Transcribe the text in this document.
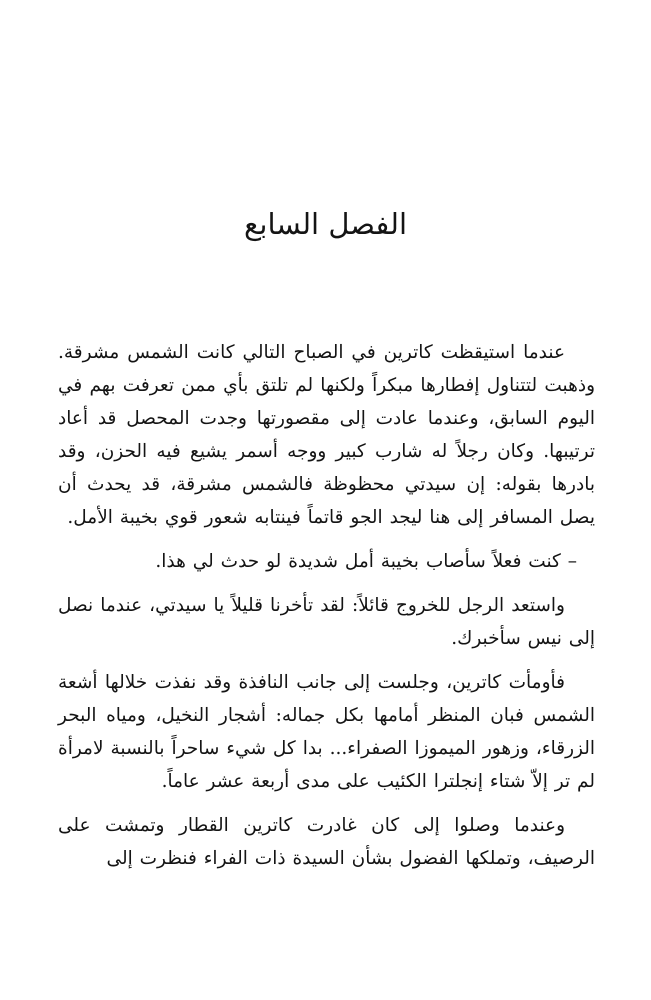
الفصل السابع

عندما استيقظت كاترين في الصباح التالي كانت الشمس مشرقة. وذهبت لتتناول إفطارها مبكراً ولكنها لم تلتق بأي ممن تعرفت بهم في اليوم السابق، وعندما عادت إلى مقصورتها وجدت المحصل قد أعاد ترتيبها. وكان رجلاً له شارب كبير ووجه أسمر يشيع فيه الحزن، وقد بادرها بقوله: إن سيدتي محظوظة فالشمس مشرقة، قد يحدث أن يصل المسافر إلى هنا ليجد الجو قاتماً فينتابه شعور قوي بخيبة الأمل.

– كنت فعلاً سأصاب بخيبة أمل شديدة لو حدث لي هذا.

واستعد الرجل للخروج قائلاً: لقد تأخرنا قليلاً يا سيدتي، عندما نصل إلى نيس سأخبرك.

فأومأت كاترين، وجلست إلى جانب النافذة وقد نفذت خلالها أشعة الشمس فبان المنظر أمامها بكل جماله: أشجار النخيل، ومياه البحر الزرقاء، وزهور الميموزا الصفراء... بدا كل شيء ساحراً بالنسبة لامرأة لم تر إلاّ شتاء إنجلترا الكئيب على مدى أربعة عشر عاماً.

وعندما وصلوا إلى كان غادرت كاترين القطار وتمشت على الرصيف، وتملكها الفضول بشأن السيدة ذات الفراء فنظرت إلى
